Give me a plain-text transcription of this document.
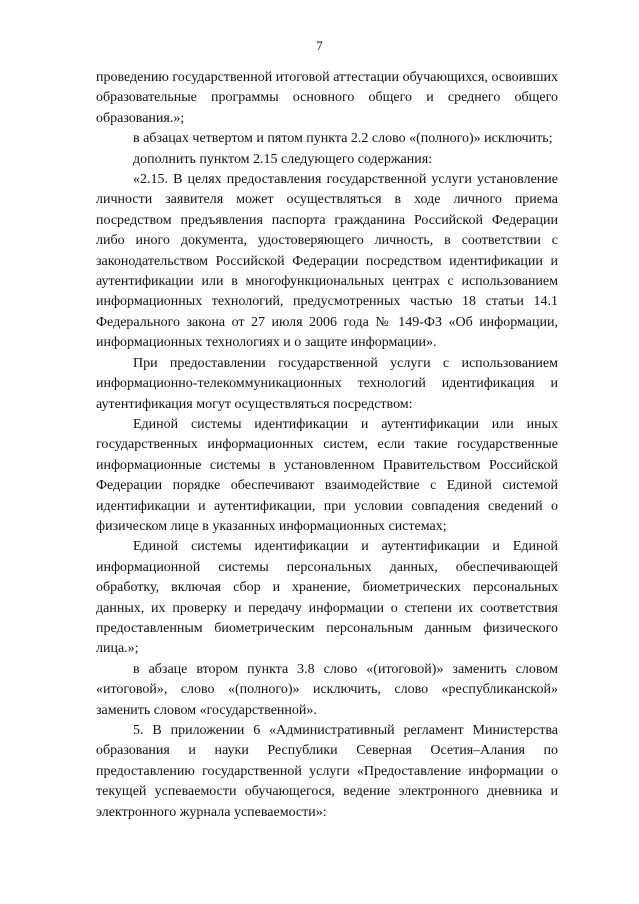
7

проведению государственной итоговой аттестации обучающихся, освоивших образовательные программы основного общего и среднего общего образования.»;

в абзацах четвертом и пятом пункта 2.2 слово «(полного)» исключить;

дополнить пунктом 2.15 следующего содержания:

«2.15. В целях предоставления государственной услуги установление личности заявителя может осуществляться в ходе личного приема посредством предъявления паспорта гражданина Российской Федерации либо иного документа, удостоверяющего личность, в соответствии с законодательством Российской Федерации посредством идентификации и аутентификации или в многофункциональных центрах с использованием информационных технологий, предусмотренных частью 18 статьи 14.1 Федерального закона от 27 июля 2006 года № 149-ФЗ «Об информации, информационных технологиях и о защите информации».

При предоставлении государственной услуги с использованием информационно-телекоммуникационных технологий идентификация и аутентификация могут осуществляться посредством:

Единой системы идентификации и аутентификации или иных государственных информационных систем, если такие государственные информационные системы в установленном Правительством Российской Федерации порядке обеспечивают взаимодействие с Единой системой идентификации и аутентификации, при условии совпадения сведений о физическом лице в указанных информационных системах;

Единой системы идентификации и аутентификации и Единой информационной системы персональных данных, обеспечивающей обработку, включая сбор и хранение, биометрических персональных данных, их проверку и передачу информации о степени их соответствия предоставленным биометрическим персональным данным физического лица.»;

в абзаце втором пункта 3.8 слово «(итоговой)» заменить словом «итоговой», слово «(полного)» исключить, слово «республиканской» заменить словом «государственной».

5. В приложении 6 «Административный регламент Министерства образования и науки Республики Северная Осетия–Алания по предоставлению государственной услуги «Предоставление информации о текущей успеваемости обучающегося, ведение электронного дневника и электронного журнала успеваемости»:
